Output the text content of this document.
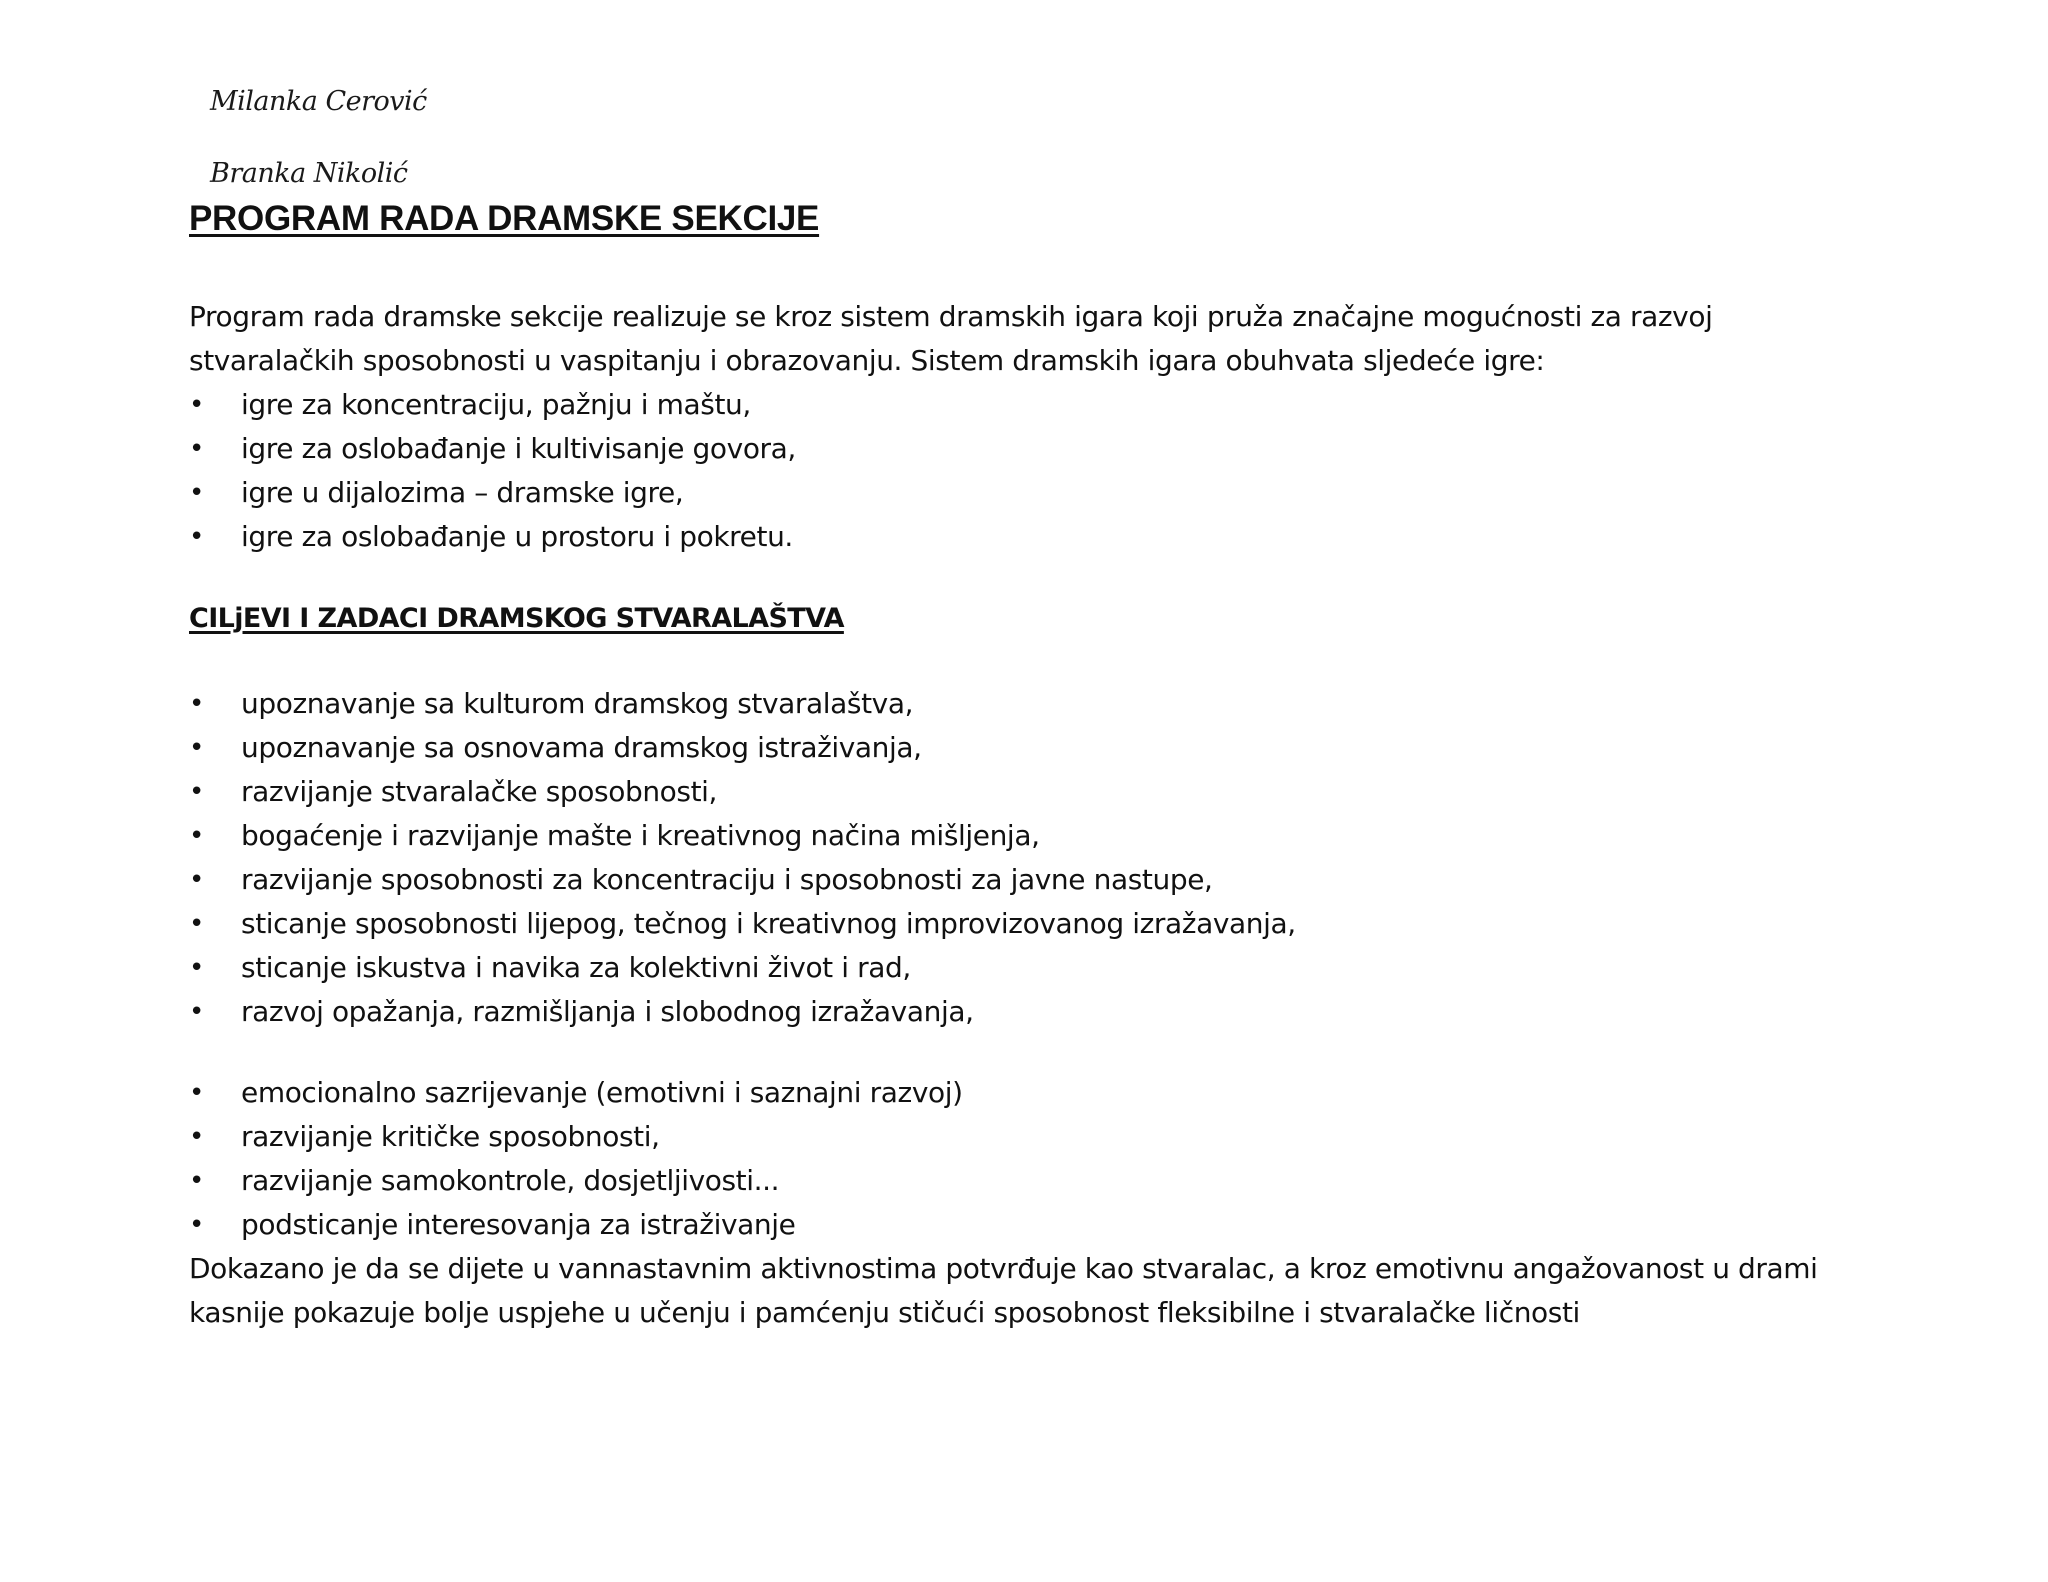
Milanka Cerović
Branka Nikolić
PROGRAM RADA DRAMSKE SEKCIJE

Program rada dramske sekcije realizuje se kroz sistem dramskih igara koji pruža značajne mogućnosti za razvoj

stvaralačkih sposobnosti u vaspitanju i obrazovanju. Sistem dramskih igara obuhvata sljedeće igre:

• igre za koncentraciju, pažnju i maštu,
• igre za oslobađanje i kultivisanje govora,
• igre u dijalozima – dramske igre,
• igre za oslobađanje u prostoru i pokretu.
CILjEVI I ZADACI DRAMSKOG STVARALAŠTVA
• upoznavanje sa kulturom dramskog stvaralaštva,
• upoznavanje sa osnovama dramskog istraživanja,
• razvijanje stvaralačke sposobnosti,
• bogaćenje i razvijanje mašte i kreativnog načina mišljenja,
• razvijanje sposobnosti za koncentraciju i sposobnosti za javne nastupe,
• sticanje sposobnosti lijepog, tečnog i kreativnog improvizovanog izražavanja,
• sticanje iskustva i navika za kolektivni život i rad,
• razvoj opažanja, razmišljanja i slobodnog izražavanja,
• emocionalno sazrijevanje (emotivni i saznajni razvoj)
• razvijanje kritičke sposobnosti,
• razvijanje samokontrole, dosjetljivosti...
• podsticanje interesovanja za istraživanje

Dokazano je da se dijete u vannastavnim aktivnostima potvrđuje kao stvaralac, a kroz emotivnu angažovanost u drami

kasnije pokazuje bolje uspjehe u učenju i pamćenju stičući sposobnost fleksibilne i stvaralačke ličnosti
